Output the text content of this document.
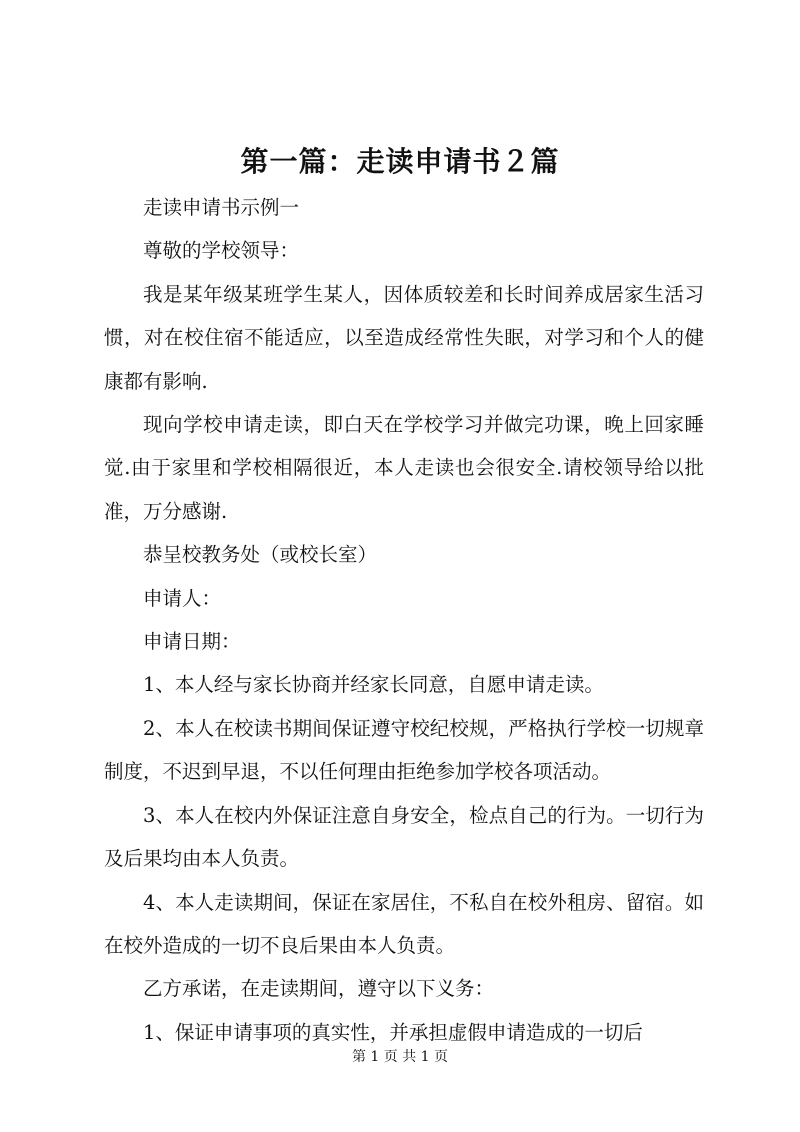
第一篇：走读申请书２篇

走读申请书示例一

尊敬的学校领导：

我是某年级某班学生某人，因体质较差和长时间养成居家生活习惯，对在校住宿不能适应，以至造成经常性失眠，对学习和个人的健康都有影响.

现向学校申请走读，即白天在学校学习并做完功课，晚上回家睡觉.由于家里和学校相隔很近，本人走读也会很安全.请校领导给以批准，万分感谢.

恭呈校教务处（或校长室）

申请人：

申请日期：

1、本人经与家长协商并经家长同意，自愿申请走读。

2、本人在校读书期间保证遵守校纪校规，严格执行学校一切规章制度，不迟到早退，不以任何理由拒绝参加学校各项活动。

3、本人在校内外保证注意自身安全，检点自己的行为。一切行为及后果均由本人负责。

4、本人走读期间，保证在家居住，不私自在校外租房、留宿。如在校外造成的一切不良后果由本人负责。

乙方承诺，在走读期间，遵守以下义务：

1、保证申请事项的真实性，并承担虚假申请造成的一切后

第 1 页 共 1 页
